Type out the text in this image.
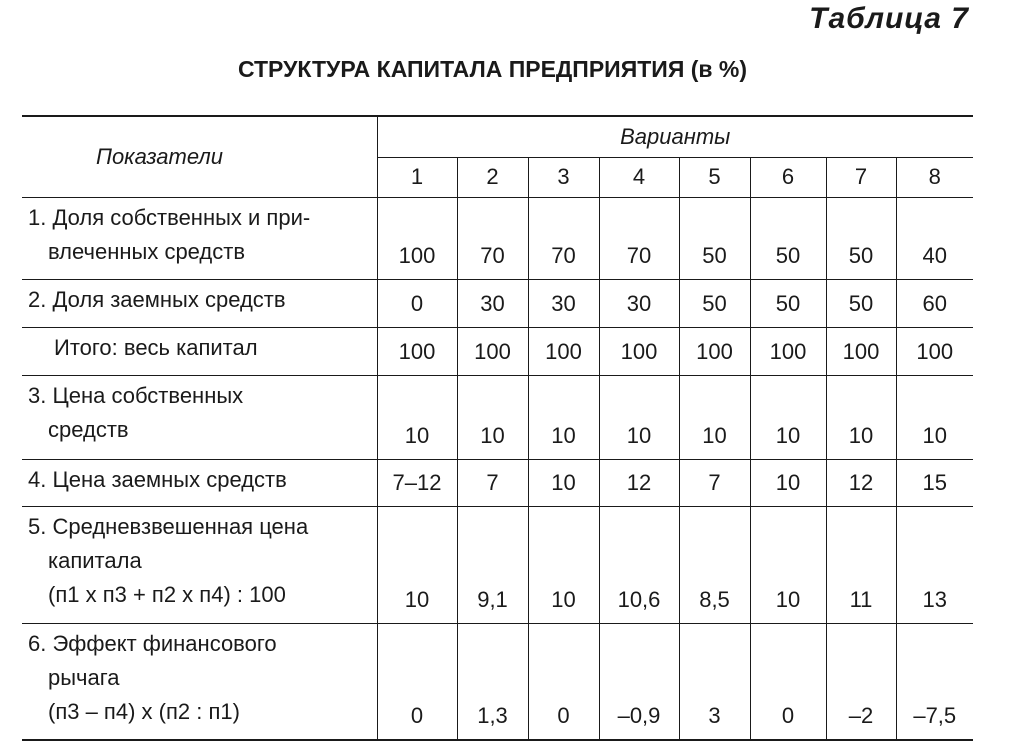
Таблица 7
СТРУКТУРА КАПИТАЛА ПРЕДПРИЯТИЯ (в %)
Показатели	Варианты							
	1	2	3	4	5	6	7	8

1. Доля собственных и при-
влеченных средств	100	70	70	70	50	50	50	40

2. Доля заемных средств	0	30	30	30	50	50	50	60

Итого: весь капитал	100	100	100	100	100	100	100	100

3. Цена собственных
средств	10	10	10	10	10	10	10	10

4. Цена заемных средств	7–12	7	10	12	7	10	12	15

5. Средневзвешенная цена
капитала
(п1 х п3 + п2 х п4) : 100	10	9,1	10	10,6	8,5	10	11	13

6. Эффект финансового
рычага
(п3 – п4) х (п2 : п1)	0	1,3	0	–0,9	3	0	–2	–7,5
